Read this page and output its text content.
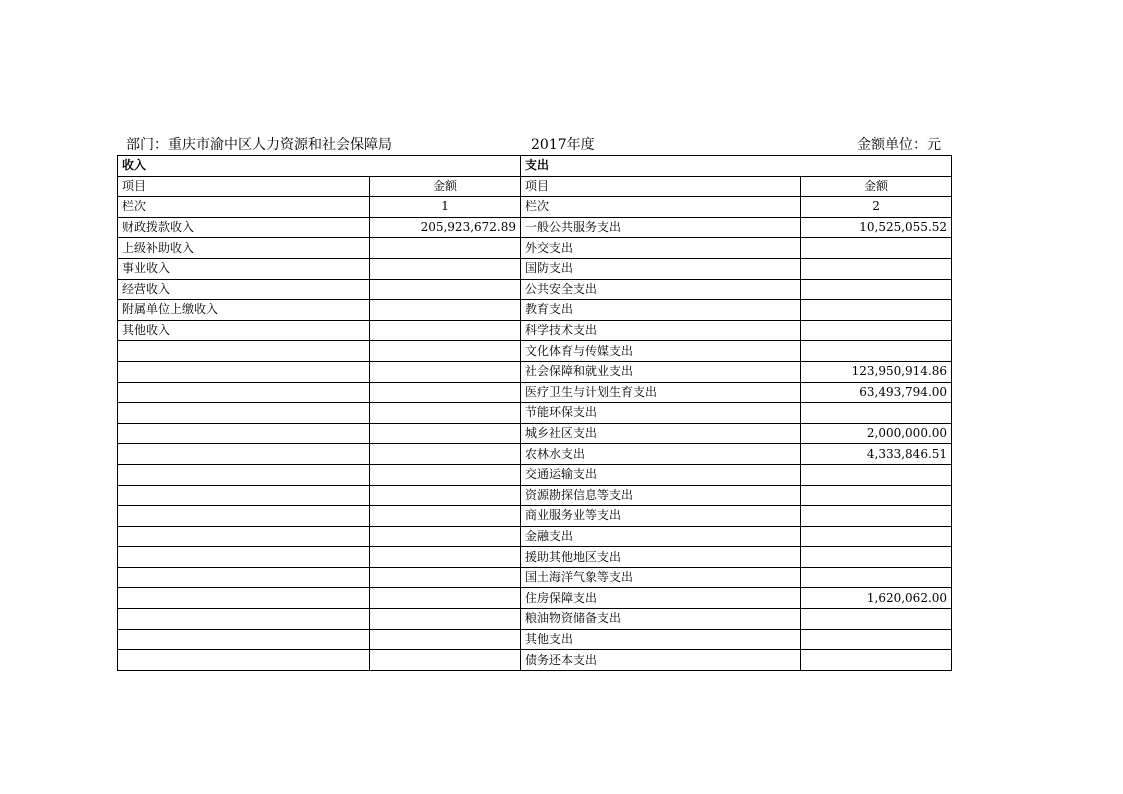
部门：重庆市渝中区人力资源和社会保障局	2017年度	金额单位：元
收入		支出	
项目	金额	项目	金额
栏次	1	栏次	2
财政拨款收入	205,923,672.89	一般公共服务支出	10,525,055.52
上级补助收入		外交支出	
事业收入		国防支出	
经营收入		公共安全支出	
附属单位上缴收入		教育支出	
其他收入		科学技术支出	
		文化体育与传媒支出	
		社会保障和就业支出	123,950,914.86
		医疗卫生与计划生育支出	63,493,794.00
		节能环保支出	
		城乡社区支出	2,000,000.00
		农林水支出	4,333,846.51
		交通运输支出	
		资源勘探信息等支出	
		商业服务业等支出	
		金融支出	
		援助其他地区支出	
		国土海洋气象等支出	
		住房保障支出	1,620,062.00
		粮油物资储备支出	
		其他支出	
		债务还本支出	
